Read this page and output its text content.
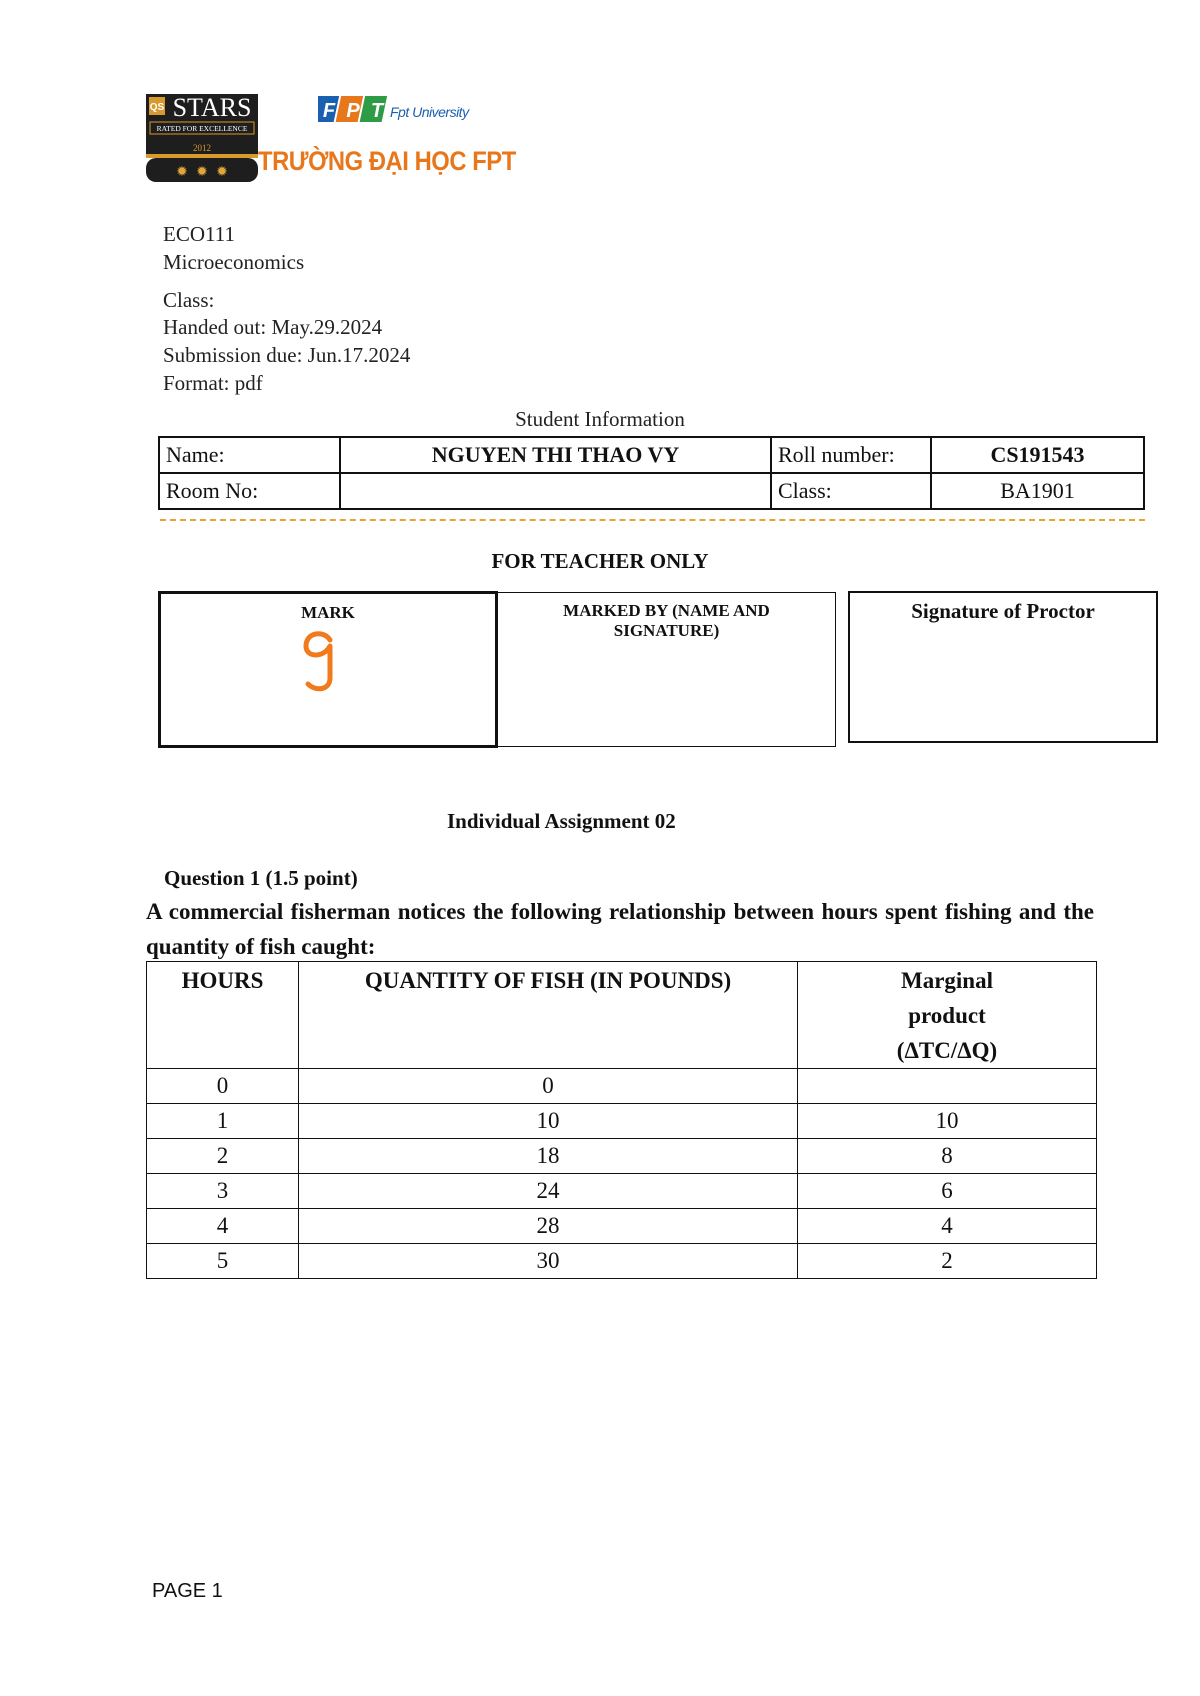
QS STARS
RATED FOR EXCELLENCE
2012
✹ ✹ ✹
F P T Fpt University
TRƯỜNG ĐẠI HỌC FPT
ECO111
Microeconomics
Class:
Handed out: May.29.2024
Submission due: Jun.17.2024
Format: pdf
Student Information
Name:	NGUYEN THI THAO VY	Roll number:	CS191543
Room No:		Class:	BA1901
FOR TEACHER ONLY
MARK	MARKED BY (NAME AND SIGNATURE)
Signature of Proctor
Individual Assignment 02
Question 1 (1.5 point)
A commercial fisherman notices the following relationship between hours spent fishing and the quantity of fish caught:
HOURS	QUANTITY OF FISH (IN POUNDS)	Marginal product (ΔTC/ΔQ)
0	0	
1	10	10
2	18	8
3	24	6
4	28	4
5	30	2
PAGE 1
